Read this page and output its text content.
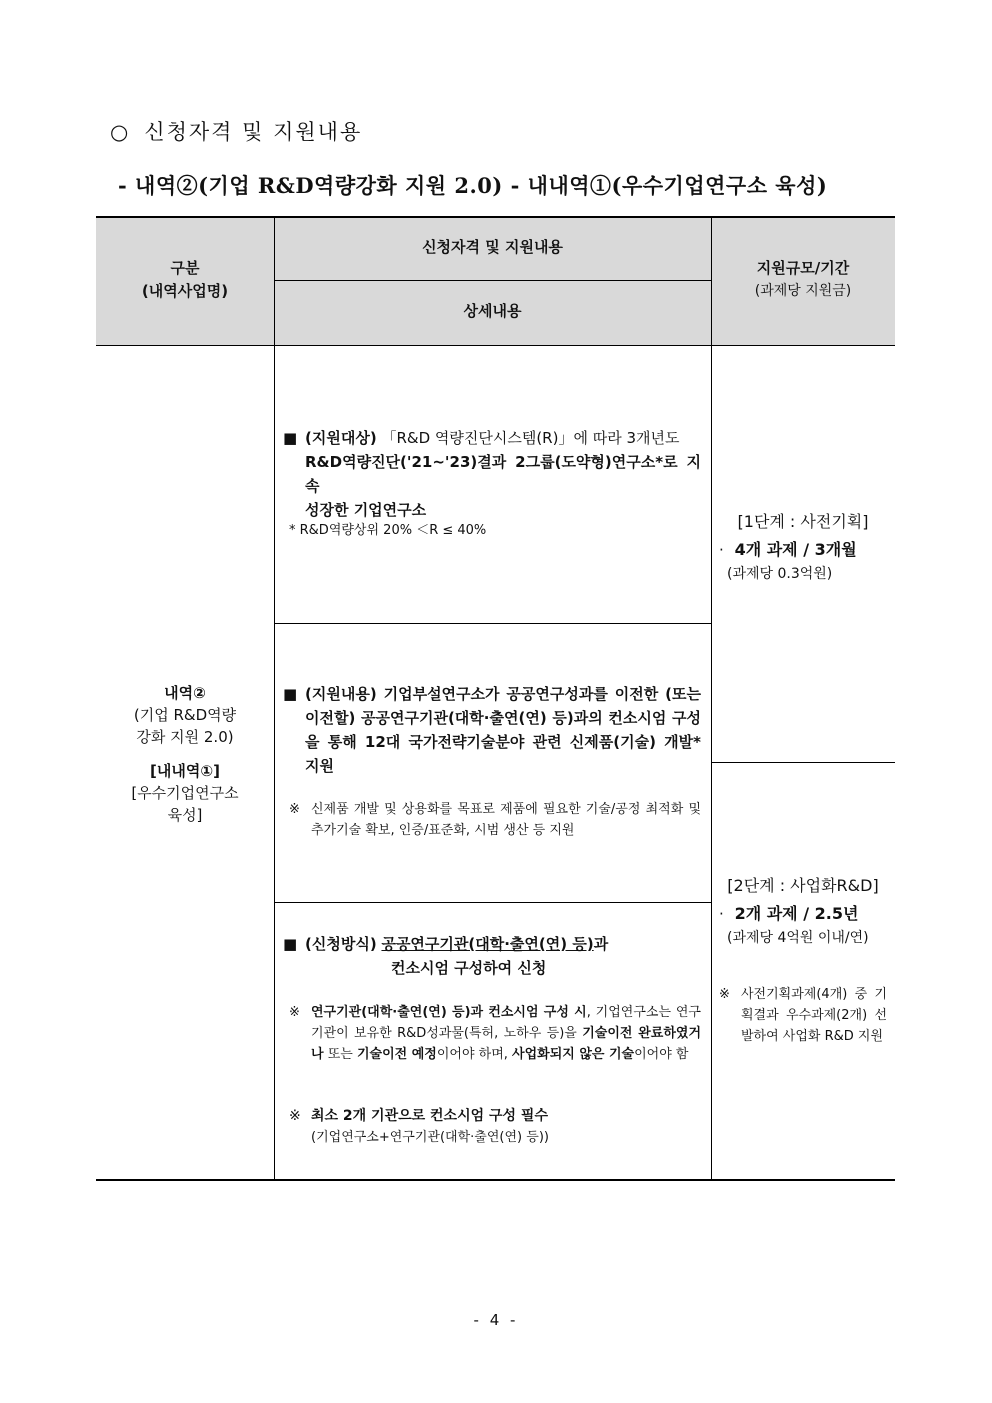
○ 신청자격 및 지원내용
- 내역②(기업 R&D역량강화 지원 2.0) - 내내역①(우수기업연구소 육성)
구분
(내역사업명)
신청자격 및 지원내용
상세내용
지원규모/기간
(과제당 지원금)
내역②
(기업 R&D역량
강화 지원 2.0)
[내내역①]
[우수기업연구소
육성]
■ (지원대상) 「R&D 역량진단시스템(R)」에 따라 3개년도
R&D역량진단('21~'23)결과 2그룹(도약형)연구소*로 지속
성장한 기업연구소
* R&D역량상위 20% ＜R ≤ 40%
■ (지원내용) 기업부설연구소가 공공연구성과를 이전한 (또는 이전할) 공공연구기관(대학·출연(연) 등)과의 컨소시엄 구성을 통해 12대 국가전략기술분야 관련 신제품(기술) 개발* 지원
※ 신제품 개발 및 상용화를 목표로 제품에 필요한 기술/공정 최적화 및 추가기술 확보, 인증/표준화, 시범 생산 등 지원
■ (신청방식) 공공연구기관(대학·출연(연) 등)과
컨소시엄 구성하여 신청
※ 연구기관(대학·출연(연) 등)과 컨소시엄 구성 시, 기업연구소는 연구기관이 보유한 R&D성과물(특허, 노하우 등)을 기술이전 완료하였거나 또는 기술이전 예정이어야 하며, 사업화되지 않은 기술이어야 함
※ 최소 2개 기관으로 컨소시엄 구성 필수
(기업연구소+연구기관(대학·출연(연) 등))
[1단계 : 사전기획]
· 4개 과제 / 3개월
(과제당 0.3억원)
[2단계 : 사업화R&D]
· 2개 과제 / 2.5년
(과제당 4억원 이내/연)
※ 사전기획과제(4개) 중 기획결과 우수과제(2개) 선발하여 사업화 R&D 지원
- 4 -
